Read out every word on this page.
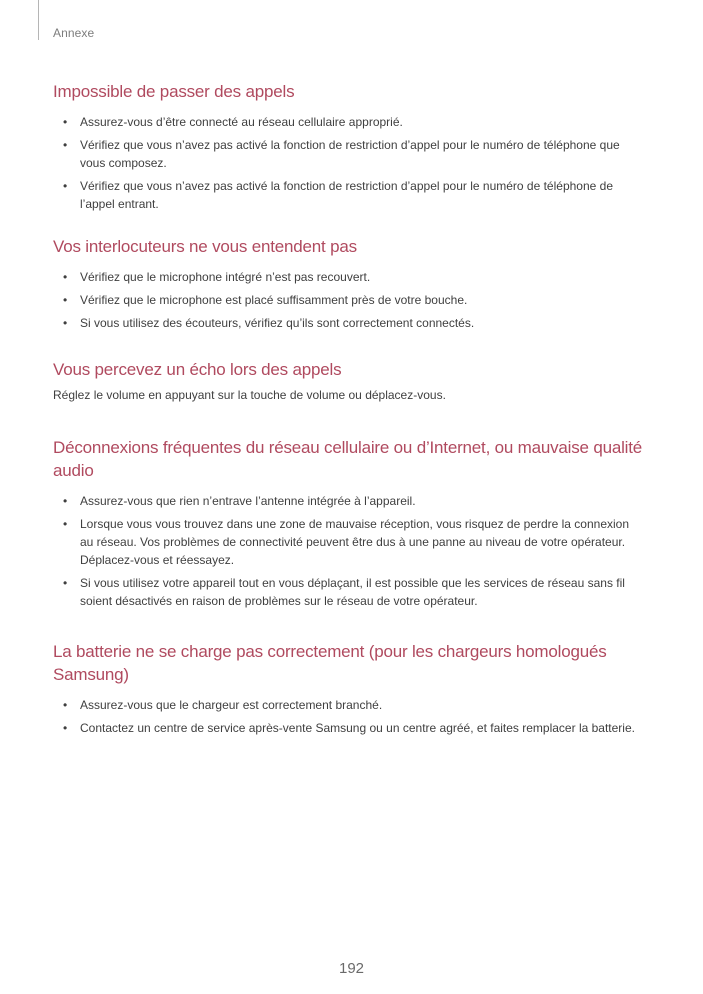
Annexe
Impossible de passer des appels
• Assurez-vous d’être connecté au réseau cellulaire approprié.
• Vérifiez que vous n’avez pas activé la fonction de restriction d’appel pour le numéro de téléphone que vous composez.
• Vérifiez que vous n’avez pas activé la fonction de restriction d’appel pour le numéro de téléphone de l’appel entrant.
Vos interlocuteurs ne vous entendent pas
• Vérifiez que le microphone intégré n’est pas recouvert.
• Vérifiez que le microphone est placé suffisamment près de votre bouche.
• Si vous utilisez des écouteurs, vérifiez qu’ils sont correctement connectés.
Vous percevez un écho lors des appels

Réglez le volume en appuyant sur la touche de volume ou déplacez-vous.

Déconnexions fréquentes du réseau cellulaire ou d’Internet, ou mauvaise qualité audio
• Assurez-vous que rien n’entrave l’antenne intégrée à l’appareil.
• Lorsque vous vous trouvez dans une zone de mauvaise réception, vous risquez de perdre la connexion au réseau. Vos problèmes de connectivité peuvent être dus à une panne au niveau de votre opérateur. Déplacez-vous et réessayez.
• Si vous utilisez votre appareil tout en vous déplaçant, il est possible que les services de réseau sans fil soient désactivés en raison de problèmes sur le réseau de votre opérateur.
La batterie ne se charge pas correctement (pour les chargeurs homologués Samsung)
• Assurez-vous que le chargeur est correctement branché.
• Contactez un centre de service après-vente Samsung ou un centre agréé, et faites remplacer la batterie.
192
